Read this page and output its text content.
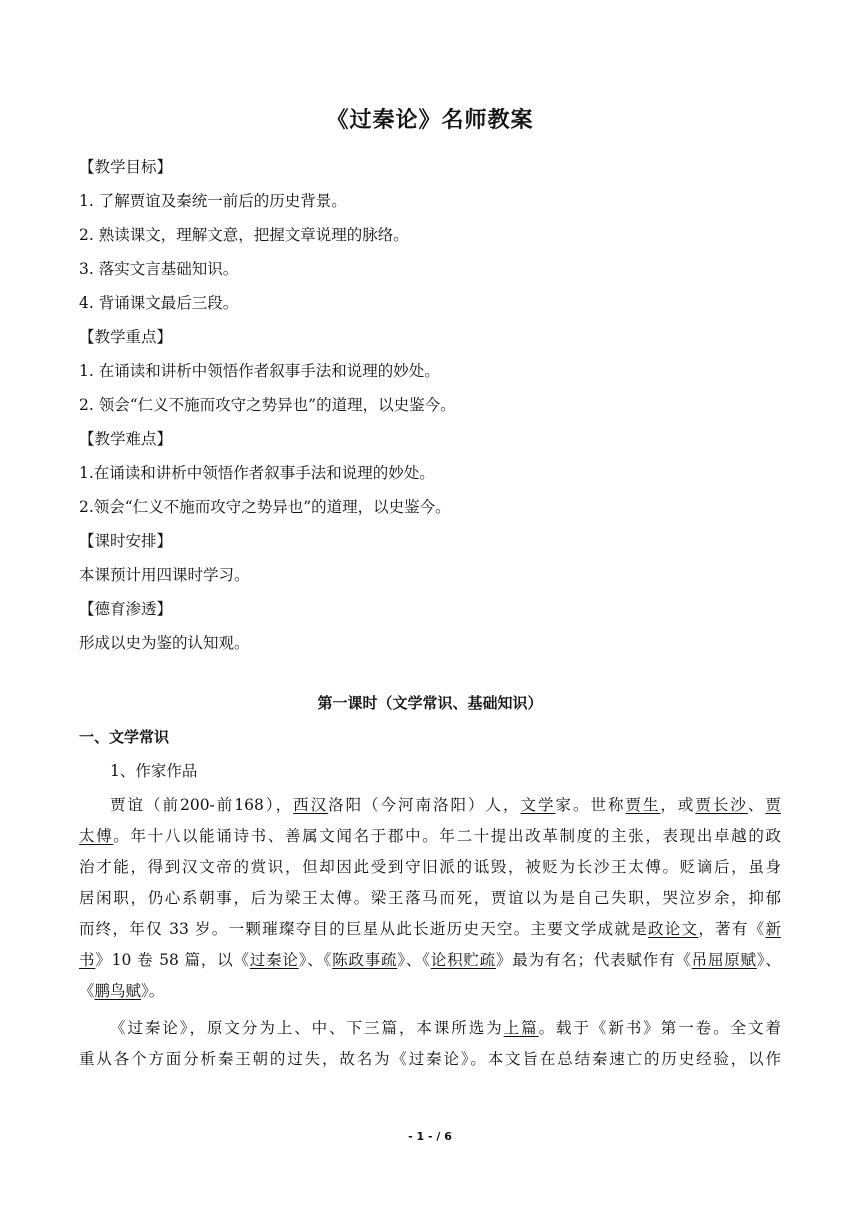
《过秦论》名师教案
【教学目标】
1. 了解贾谊及秦统一前后的历史背景。
2. 熟读课文，理解文意，把握文章说理的脉络。
3. 落实文言基础知识。
4. 背诵课文最后三段。
【教学重点】
1. 在诵读和讲析中领悟作者叙事手法和说理的妙处。
2. 领会“仁义不施而攻守之势异也”的道理，以史鉴今。
【教学难点】
1.在诵读和讲析中领悟作者叙事手法和说理的妙处。
2.领会“仁义不施而攻守之势异也”的道理，以史鉴今。
【课时安排】
本课预计用四课时学习。
【德育渗透】
形成以史为鉴的认知观。
第一课时（文学常识、基础知识）
一、文学常识
1、作家作品
贾谊（前200-前168），西汉洛阳（今河南洛阳）人，文学家。世称贾生，或贾长沙、贾
太傅。年十八以能诵诗书、善属文闻名于郡中。年二十提出改革制度的主张，表现出卓越的政
治才能，得到汉文帝的赏识，但却因此受到守旧派的诋毁，被贬为长沙王太傅。贬谪后，虽身
居闲职，仍心系朝事，后为梁王太傅。梁王落马而死，贾谊以为是自己失职，哭泣岁余，抑郁
而终，年仅 33 岁。一颗璀璨夺目的巨星从此长逝历史天空。主要文学成就是政论文，著有《新
书》10 卷 58 篇，以《过秦论》、《陈政事疏》、《论积贮疏》最为有名；代表赋作有《吊屈原赋》、
《鹏鸟赋》。
《过秦论》，原文分为上、中、下三篇，本课所选为上篇。载于《新书》第一卷。全文着
重从各个方面分析秦王朝的过失，故名为《过秦论》。本文旨在总结秦速亡的历史经验，以作
- 1 - / 6
